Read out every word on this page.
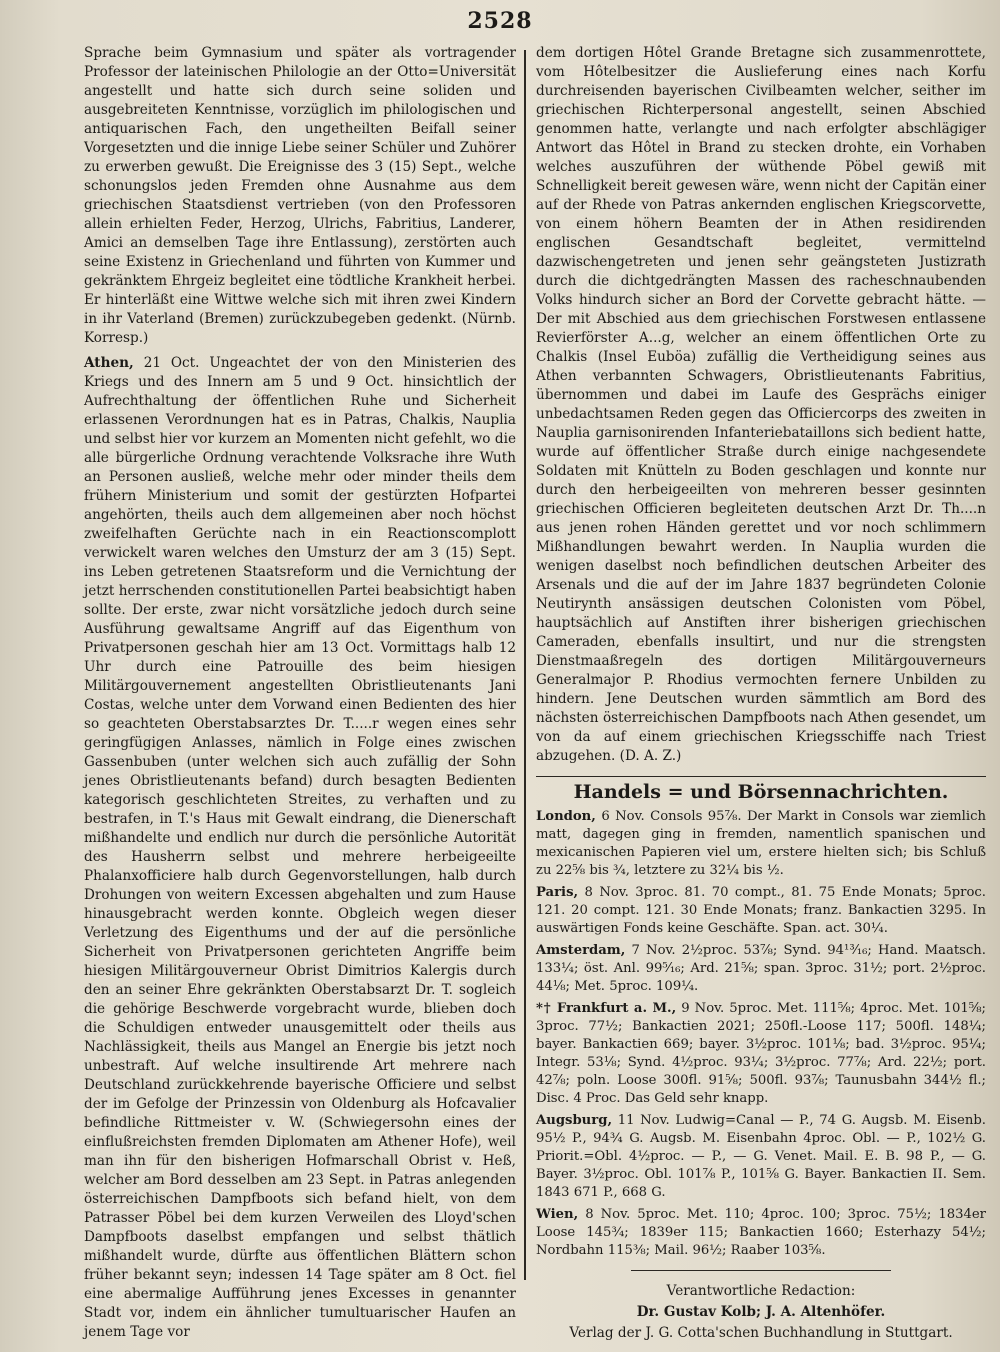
2528

Sprache beim Gymnasium und später als vortragender Professor der lateinischen Philologie an der Otto=Universität angestellt und hatte sich durch seine soliden und ausgebreiteten Kenntnisse, vorzüglich im philologischen und antiquarischen Fach, den ungetheilten Beifall seiner Vorgesetzten und die innige Liebe seiner Schüler und Zuhörer zu erwerben gewußt. Die Ereignisse des 3 (15) Sept., welche schonungslos jeden Fremden ohne Ausnahme aus dem griechischen Staatsdienst vertrieben (von den Professoren allein erhielten Feder, Herzog, Ulrichs, Fabritius, Landerer, Amici an demselben Tage ihre Entlassung), zerstörten auch seine Existenz in Griechenland und führten von Kummer und gekränktem Ehrgeiz begleitet eine tödtliche Krankheit herbei. Er hinterläßt eine Wittwe welche sich mit ihren zwei Kindern in ihr Vaterland (Bremen) zurückzubegeben gedenkt. (Nürnb. Korresp.)

Athen, 21 Oct. Ungeachtet der von den Ministerien des Kriegs und des Innern am 5 und 9 Oct. hinsichtlich der Aufrechthaltung der öffentlichen Ruhe und Sicherheit erlassenen Verordnungen hat es in Patras, Chalkis, Nauplia und selbst hier vor kurzem an Momenten nicht gefehlt, wo die alle bürgerliche Ordnung verachtende Volksrache ihre Wuth an Personen ausließ, welche mehr oder minder theils dem frühern Ministerium und somit der gestürzten Hofpartei angehörten, theils auch dem allgemeinen aber noch höchst zweifelhaften Gerüchte nach in ein Reactionscomplott verwickelt waren welches den Umsturz der am 3 (15) Sept. ins Leben getretenen Staatsreform und die Vernichtung der jetzt herrschenden constitutionellen Partei beabsichtigt haben sollte. Der erste, zwar nicht vorsätzliche jedoch durch seine Ausführung gewaltsame Angriff auf das Eigenthum von Privatpersonen geschah hier am 13 Oct. Vormittags halb 12 Uhr durch eine Patrouille des beim hiesigen Militärgouvernement angestellten Obristlieutenants Jani Costas, welche unter dem Vorwand einen Bedienten des hier so geachteten Oberstabsarztes Dr. T.....r wegen eines sehr geringfügigen Anlasses, nämlich in Folge eines zwischen Gassenbuben (unter welchen sich auch zufällig der Sohn jenes Obristlieutenants befand) durch besagten Bedienten kategorisch geschlichteten Streites, zu verhaften und zu bestrafen, in T.'s Haus mit Gewalt eindrang, die Dienerschaft mißhandelte und endlich nur durch die persönliche Autorität des Hausherrn selbst und mehrere herbeigeeilte Phalanxofficiere halb durch Gegenvorstellungen, halb durch Drohungen von weitern Excessen abgehalten und zum Hause hinausgebracht werden konnte. Obgleich wegen dieser Verletzung des Eigenthums und der auf die persönliche Sicherheit von Privatpersonen gerichteten Angriffe beim hiesigen Militärgouverneur Obrist Dimitrios Kalergis durch den an seiner Ehre gekränkten Oberstabsarzt Dr. T. sogleich die gehörige Beschwerde vorgebracht wurde, blieben doch die Schuldigen entweder unausgemittelt oder theils aus Nachlässigkeit, theils aus Mangel an Energie bis jetzt noch unbestraft. Auf welche insultirende Art mehrere nach Deutschland zurückkehrende bayerische Officiere und selbst der im Gefolge der Prinzessin von Oldenburg als Hofcavalier befindliche Rittmeister v. W. (Schwiegersohn eines der einflußreichsten fremden Diplomaten am Athener Hofe), weil man ihn für den bisherigen Hofmarschall Obrist v. Heß, welcher am Bord desselben am 23 Sept. in Patras anlegenden österreichischen Dampfboots sich befand hielt, von dem Patrasser Pöbel bei dem kurzen Verweilen des Lloyd'schen Dampfboots daselbst empfangen und selbst thätlich mißhandelt wurde, dürfte aus öffentlichen Blättern schon früher bekannt seyn; indessen 14 Tage später am 8 Oct. fiel eine abermalige Aufführung jenes Excesses in genannter Stadt vor, indem ein ähnlicher tumultuarischer Haufen an jenem Tage vor

dem dortigen Hôtel Grande Bretagne sich zusammenrottete, vom Hôtelbesitzer die Auslieferung eines nach Korfu durchreisenden bayerischen Civilbeamten welcher, seither im griechischen Richterpersonal angestellt, seinen Abschied genommen hatte, verlangte und nach erfolgter abschlägiger Antwort das Hôtel in Brand zu stecken drohte, ein Vorhaben welches auszuführen der wüthende Pöbel gewiß mit Schnelligkeit bereit gewesen wäre, wenn nicht der Capitän einer auf der Rhede von Patras ankernden englischen Kriegscorvette, von einem höhern Beamten der in Athen residirenden englischen Gesandtschaft begleitet, vermittelnd dazwischengetreten und jenen sehr geängsteten Justizrath durch die dichtgedrängten Massen des racheschnaubenden Volks hindurch sicher an Bord der Corvette gebracht hätte. — Der mit Abschied aus dem griechischen Forstwesen entlassene Revierförster A...g, welcher an einem öffentlichen Orte zu Chalkis (Insel Euböa) zufällig die Vertheidigung seines aus Athen verbannten Schwagers, Obristlieutenants Fabritius, übernommen und dabei im Laufe des Gesprächs einiger unbedachtsamen Reden gegen das Officiercorps des zweiten in Nauplia garnisonirenden Infanteriebataillons sich bedient hatte, wurde auf öffentlicher Straße durch einige nachgesendete Soldaten mit Knütteln zu Boden geschlagen und konnte nur durch den herbeigeeilten von mehreren besser gesinnten griechischen Officieren begleiteten deutschen Arzt Dr. Th....n aus jenen rohen Händen gerettet und vor noch schlimmern Mißhandlungen bewahrt werden. In Nauplia wurden die wenigen daselbst noch befindlichen deutschen Arbeiter des Arsenals und die auf der im Jahre 1837 begründeten Colonie Neutirynth ansässigen deutschen Colonisten vom Pöbel, hauptsächlich auf Anstiften ihrer bisherigen griechischen Cameraden, ebenfalls insultirt, und nur die strengsten Dienstmaaßregeln des dortigen Militärgouverneurs Generalmajor P. Rhodius vermochten fernere Unbilden zu hindern. Jene Deutschen wurden sämmtlich am Bord des nächsten österreichischen Dampfboots nach Athen gesendet, um von da auf einem griechischen Kriegsschiffe nach Triest abzugehen. (D. A. Z.)

Handels = und Börsennachrichten.
London, 6 Nov. Consols 95⅞. Der Markt in Consols war ziemlich matt, dagegen ging in fremden, namentlich spanischen und mexicanischen Papieren viel um, erstere hielten sich; bis Schluß zu 22⅝ bis ¾, letztere zu 32¼ bis ½.
Paris, 8 Nov. 3proc. 81. 70 compt., 81. 75 Ende Monats; 5proc. 121. 20 compt. 121. 30 Ende Monats; franz. Bankactien 3295. In auswärtigen Fonds keine Geschäfte. Span. act. 30¼.
Amsterdam, 7 Nov. 2½proc. 53⅞; Synd. 94¹³⁄₁₆; Hand. Maatsch. 133¼; öst. Anl. 99⁵⁄₁₆; Ard. 21⅝; span. 3proc. 31½; port. 2½proc. 44⅛; Met. 5proc. 109¼.
*† Frankfurt a. M., 9 Nov. 5proc. Met. 111⅝; 4proc. Met. 101⅝; 3proc. 77½; Bankactien 2021; 250fl.-Loose 117; 500fl. 148¼; bayer. Bankactien 669; bayer. 3½proc. 101⅛; bad. 3½proc. 95¼; Integr. 53⅛; Synd. 4½proc. 93¼; 3½proc. 77⅞; Ard. 22½; port. 42⅞; poln. Loose 300fl. 91⅝; 500fl. 93⅞; Taunusbahn 344½ fl.; Disc. 4 Proc. Das Geld sehr knapp.
Augsburg, 11 Nov. Ludwig=Canal — P., 74 G. Augsb. M. Eisenb. 95½ P., 94¾ G. Augsb. M. Eisenbahn 4proc. Obl. — P., 102½ G. Priorit.=Obl. 4½proc. — P., — G. Venet. Mail. E. B. 98 P., — G. Bayer. 3½proc. Obl. 101⅞ P., 101⅝ G. Bayer. Bankactien II. Sem. 1843 671 P., 668 G.
Wien, 8 Nov. 5proc. Met. 110; 4proc. 100; 3proc. 75½; 1834er Loose 145¾; 1839er 115; Bankactien 1660; Esterhazy 54½; Nordbahn 115⅜; Mail. 96½; Raaber 103⅝.
Verantwortliche Redaction:
Dr. Gustav Kolb; J. A. Altenhöfer.
Verlag der J. G. Cotta'schen Buchhandlung in Stuttgart.
